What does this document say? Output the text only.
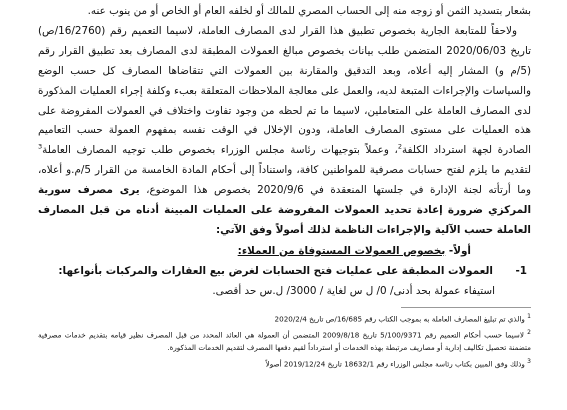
بشعار بتسديد الثمن أو زوجه منه إلى الحساب المصري للمالك أو لخلفه العام أو الخاص أو من ينوب عنه.

ولاحقاً للمتابعة الجارية بخصوص تطبيق هذا القرار لدى المصارف العاملة، لاسيما التعميم رقم (16/2760/ص) تاريخ 2020/06/03 المتضمن طلب بيانات بخصوص مبالغ العمولات المطبقة لدى المصارف بعد تطبيق القرار رقم (5/م و) المشار إليه أعلاه، وبعد التدقيق والمقارنة بين العمولات التي تتقاضاها المصارف كل حسب الوضع والسياسات والإجراءات المتبعة لديه، والعمل على معالجة الملاحظات المتعلقة بعبء وكلفة إجراء العمليات المذكورة لدى المصارف العاملة على المتعاملين، لاسيما ما تم لحظه من وجود تفاوت واختلاف في العمولات المفروضة على هذه العمليات على مستوى المصارف العاملة، ودون الإخلال في الوقت نفسه بمفهوم العمولة حسب التعاميم الصادرة لجهة استرداد الكلفة$^2$، وعملاً بتوجيهات رئاسة مجلس الوزراء بخصوص طلب توجيه المصارف العاملة$^3$ لتقديم ما يلزم لفتح حسابات مصرفية للمواطنين كافة، واستناداً إلى أحكام المادة الخامسة من القرار 5/م.و أعلاه، وما أرتأته لجنة الإدارة في جلستها المنعقدة في 2020/9/6 بخصوص هذا الموضوع، يرى مصرف سورية المركزي ضرورة إعادة تحديد العمولات المفروضة على العمليات المبينة أدناه من قبل المصارف العاملة حسب الآلية والإجراءات الناظمة لذلك أصولاً وفق الآتي:

أولاً- بخصوص العمولات المستوفاة من العملاء:

1-
العمولات المطبقة على عمليات فتح الحسابات لغرض بيع العقارات والمركبات بأنواعها:

استيفاء عمولة بحد أدنى/ 0/ ل س لغاية / 3000/ ل.س حد أقصى.

$^1$ والذي تم تبليغ المصارف العاملة به بموجب الكتاب رقم 16/685/ص تاريخ 2020/2/4

$^2$ لاسيما حسب أحكام التعميم رقم 5/100/9371 تاريخ 2009/8/18 المتضمن أن العمولة هي العائد المحدد من قبل المصرف نظير قيامه بتقديم خدمات مصرفية متضمنة تحصيل تكاليف إدارية أو مصاريف مرتبطة بهذه الخدمات أو استرداداً لقيم دفعها المصرف لتقديم الخدمات المذكورة.

$^3$ وذلك وفق المبين بكتاب رئاسة مجلس الوزراء رقم 18632/1 تاريخ 2019/12/24 أصولاً
